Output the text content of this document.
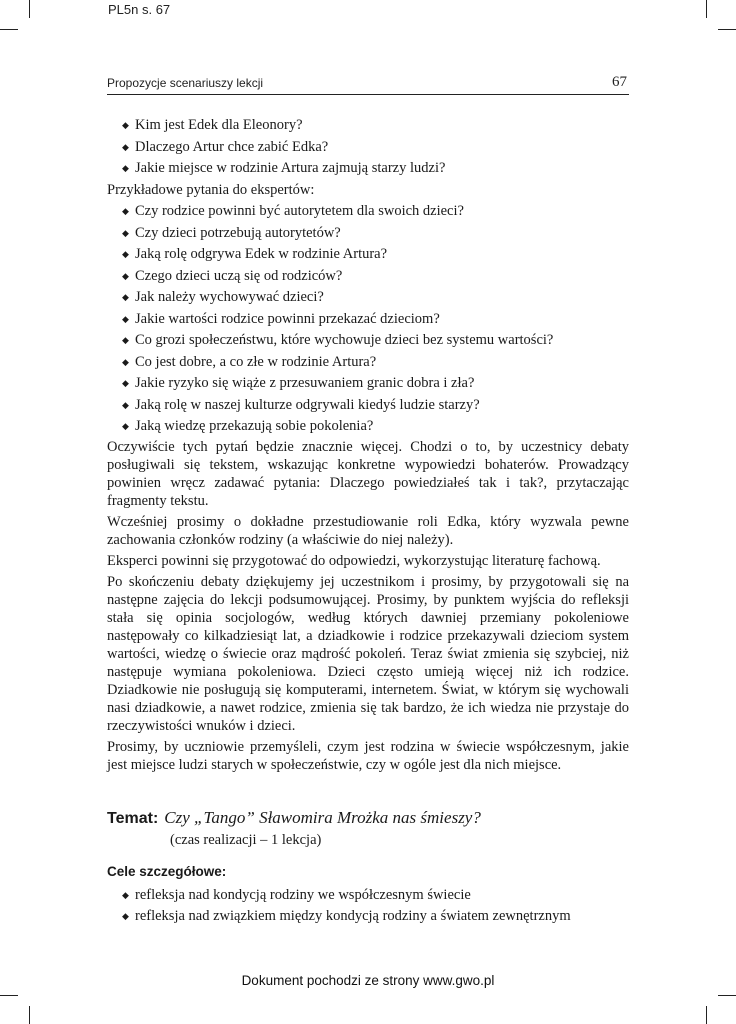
PL5n s. 67
Propozycje scenariuszy lekcji	67
◆ Kim jest Edek dla Eleonory?
◆ Dlaczego Artur chce zabić Edka?
◆ Jakie miejsce w rodzinie Artura zajmują starzy ludzi?

Przykładowe pytania do ekspertów:

◆ Czy rodzice powinni być autorytetem dla swoich dzieci?
◆ Czy dzieci potrzebują autorytetów?
◆ Jaką rolę odgrywa Edek w rodzinie Artura?
◆ Czego dzieci uczą się od rodziców?
◆ Jak należy wychowywać dzieci?
◆ Jakie wartości rodzice powinni przekazać dzieciom?
◆ Co grozi społeczeństwu, które wychowuje dzieci bez systemu wartości?
◆ Co jest dobre, a co złe w rodzinie Artura?
◆ Jakie ryzyko się wiąże z przesuwaniem granic dobra i zła?
◆ Jaką rolę w naszej kulturze odgrywali kiedyś ludzie starzy?
◆ Jaką wiedzę przekazują sobie pokolenia?

Oczywiście tych pytań będzie znacznie więcej. Chodzi o to, by uczestnicy debaty posługiwali się tekstem, wskazując konkretne wypowiedzi bohaterów. Prowadzący powinien wręcz zadawać pytania: Dlaczego powiedziałeś tak i tak?, przytaczając fragmenty tekstu.

Wcześniej prosimy o dokładne przestudiowanie roli Edka, który wyzwala pewne zachowania członków rodziny (a właściwie do niej należy).

Eksperci powinni się przygotować do odpowiedzi, wykorzystując literaturę fachową.

Po skończeniu debaty dziękujemy jej uczestnikom i prosimy, by przygotowali się na następne zajęcia do lekcji podsumowującej. Prosimy, by punktem wyjścia do refleksji stała się opinia socjologów, według których dawniej przemiany pokoleniowe następowały co kilkadziesiąt lat, a dziadkowie i rodzice przekazywali dzieciom system wartości, wiedzę o świecie oraz mądrość pokoleń. Teraz świat zmienia się szybciej, niż następuje wymiana pokoleniowa. Dzieci często umieją więcej niż ich rodzice. Dziadkowie nie posługują się komputerami, internetem. Świat, w którym się wychowali nasi dziadkowie, a nawet rodzice, zmienia się tak bardzo, że ich wiedza nie przystaje do rzeczywistości wnuków i dzieci.

Prosimy, by uczniowie przemyśleli, czym jest rodzina w świecie współczesnym, jakie jest miejsce ludzi starych w społeczeństwie, czy w ogóle jest dla nich miejsce.

Temat: Czy „Tango” Sławomira Mrożka nas śmieszy?
(czas realizacji – 1 lekcja)

Cele szczegółowe:

◆ refleksja nad kondycją rodziny we współczesnym świecie
◆ refleksja nad związkiem między kondycją rodziny a światem zewnętrznym
Dokument pochodzi ze strony www.gwo.pl
